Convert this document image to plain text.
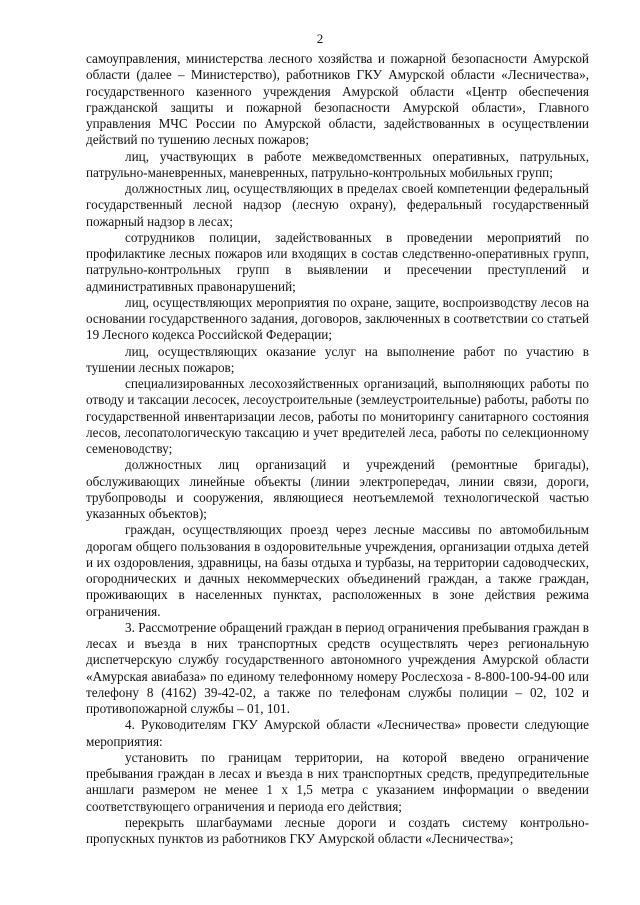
2

самоуправления, министерства лесного хозяйства и пожарной безопасности Амурской области (далее – Министерство), работников ГКУ Амурской области «Лесничества», государственного казенного учреждения Амурской области «Центр обеспечения гражданской защиты и пожарной безопасности Амурской области», Главного управления МЧС России по Амурской области, задействованных в осуществлении действий по тушению лесных пожаров;

лиц, участвующих в работе межведомственных оперативных, патрульных, патрульно-маневренных, маневренных, патрульно-контрольных мобильных групп;

должностных лиц, осуществляющих в пределах своей компетенции федеральный государственный лесной надзор (лесную охрану), федеральный государственный пожарный надзор в лесах;

сотрудников полиции, задействованных в проведении мероприятий по профилактике лесных пожаров или входящих в состав следственно-оперативных групп, патрульно-контрольных групп в выявлении и пресечении преступлений и административных правонарушений;

лиц, осуществляющих мероприятия по охране, защите, воспроизводству лесов на основании государственного задания, договоров, заключенных в соответствии со статьей 19 Лесного кодекса Российской Федерации;

лиц, осуществляющих оказание услуг на выполнение работ по участию в тушении лесных пожаров;

специализированных лесохозяйственных организаций, выполняющих работы по отводу и таксации лесосек, лесоустроительные (землеустроительные) работы, работы по государственной инвентаризации лесов, работы по мониторингу санитарного состояния лесов, лесопатологическую таксацию и учет вредителей леса, работы по селекционному семеноводству;

должностных лиц организаций и учреждений (ремонтные бригады), обслуживающих линейные объекты (линии электропередач, линии связи, дороги, трубопроводы и сооружения, являющиеся неотъемлемой технологической частью указанных объектов);

граждан, осуществляющих проезд через лесные массивы по автомобильным дорогам общего пользования в оздоровительные учреждения, организации отдыха детей и их оздоровления, здравницы, на базы отдыха и турбазы, на территории садоводческих, огороднических и дачных некоммерческих объединений граждан, а также граждан, проживающих в населенных пунктах, расположенных в зоне действия режима ограничения.

3. Рассмотрение обращений граждан в период ограничения пребывания граждан в лесах и въезда в них транспортных средств осуществлять через региональную диспетчерскую службу государственного автономного учреждения Амурской области «Амурская авиабаза» по единому телефонному номеру Рослесхоза - 8-800-100-94-00 или телефону 8 (4162) 39-42-02, а также по телефонам службы полиции – 02, 102 и противопожарной службы – 01, 101.

4. Руководителям ГКУ Амурской области «Лесничества» провести следующие мероприятия:

установить по границам территории, на которой введено ограничение пребывания граждан в лесах и въезда в них транспортных средств, предупредительные аншлаги размером не менее 1 х 1,5 метра с указанием информации о введении соответствующего ограничения и периода его действия;

перекрыть шлагбаумами лесные дороги и создать систему контрольно-пропускных пунктов из работников ГКУ Амурской области «Лесничества»;
